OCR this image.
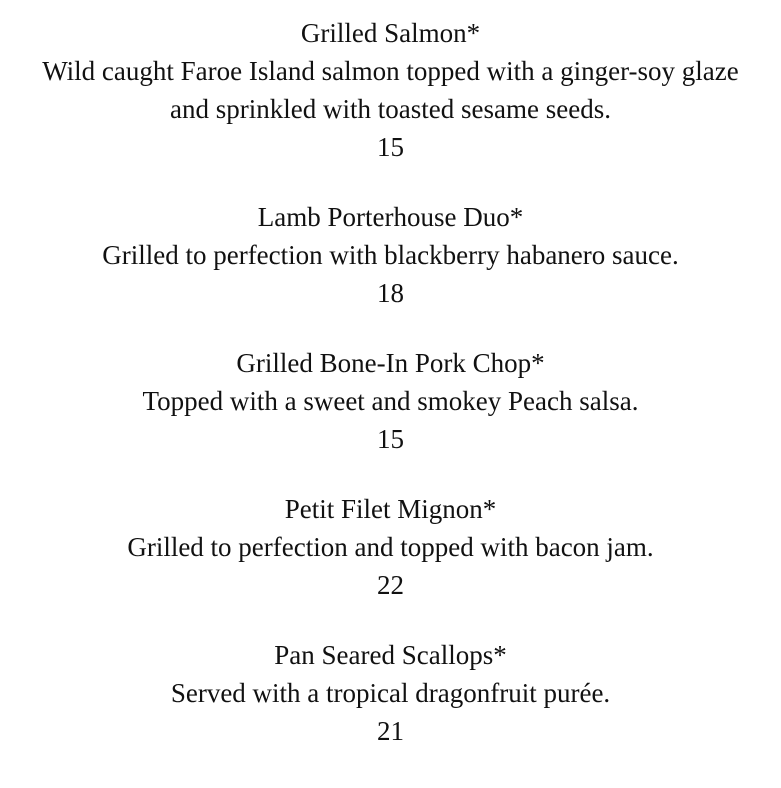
Grilled Salmon*
Wild caught Faroe Island salmon topped with a ginger-soy glaze and sprinkled with toasted sesame seeds.
15
Lamb Porterhouse Duo*
Grilled to perfection with blackberry habanero sauce.
18
Grilled Bone-In Pork Chop*
Topped with a sweet and smokey Peach salsa.
15
Petit Filet Mignon*
Grilled to perfection and topped with bacon jam.
22
Pan Seared Scallops*
Served with a tropical dragonfruit purée.
21
